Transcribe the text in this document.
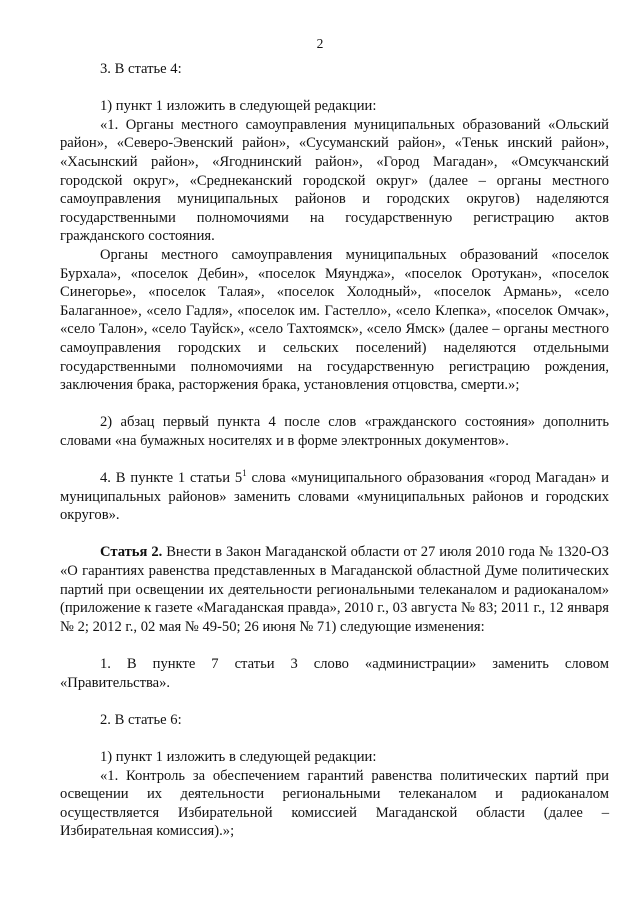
2

3. В статье 4:

1) пункт 1 изложить в следующей редакции:

«1. Органы местного самоуправления муниципальных образований «Ольский район», «Северо-Эвенский район», «Сусуманский район», «Теньк инский район», «Хасынский район», «Ягоднинский район», «Город Магадан», «Омсукчанский городской округ», «Среднеканский городской округ» (далее – органы местного самоуправления муниципальных районов и городских округов) наделяются государственными полномочиями на государственную регистрацию актов гражданского состояния.

Органы местного самоуправления муниципальных образований «поселок Бурхала», «поселок Дебин», «поселок Мяунджа», «поселок Оротукан», «поселок Синегорье», «поселок Талая», «поселок Холодный», «поселок Армань», «село Балаганное», «село Гадля», «поселок им. Гастелло», «село Клепка», «поселок Омчак», «село Талон», «село Тауйск», «село Тахтоямск», «село Ямск» (далее – органы местного самоуправления городских и сельских поселений) наделяются отдельными государственными полномочиями на государственную регистрацию рождения, заключения брака, расторжения брака, установления отцовства, смерти.»;

2) абзац первый пункта 4 после слов «гражданского состояния» дополнить словами «на бумажных носителях и в форме электронных документов».

4. В пункте 1 статьи $5^1$ слова «муниципального образования «город Магадан» и муниципальных районов» заменить словами «муниципальных районов и городских округов».

Статья 2. Внести в Закон Магаданской области от 27 июля 2010 года № 1320-ОЗ «О гарантиях равенства представленных в Магаданской областной Думе политических партий при освещении их деятельности региональными телеканалом и радиоканалом» (приложение к газете «Магаданская правда», 2010 г., 03 августа № 83; 2011 г., 12 января № 2; 2012 г., 02 мая № 49-50; 26 июня № 71) следующие изменения:

1. В пункте 7 статьи 3 слово «администрации» заменить словом «Правительства».

2. В статье 6:

1) пункт 1 изложить в следующей редакции:

«1. Контроль за обеспечением гарантий равенства политических партий при освещении их деятельности региональными телеканалом и радиоканалом осуществляется Избирательной комиссией Магаданской области (далее – Избирательная комиссия).»;
